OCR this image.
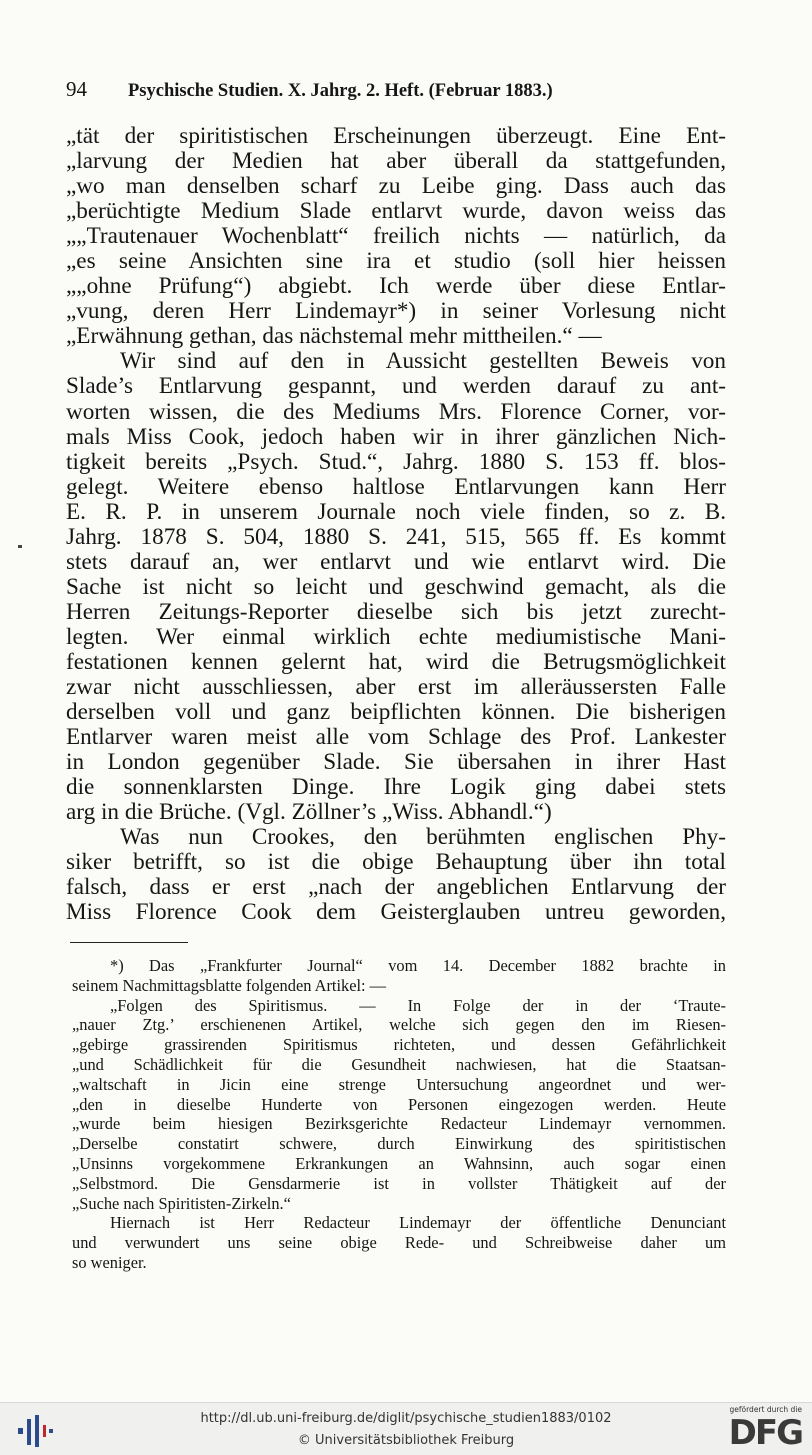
94 Psychische Studien. X. Jahrg. 2. Heft. (Februar 1883.)
„tät der spiritistischen Erscheinungen überzeugt. Eine Ent-
„larvung der Medien hat aber überall da stattgefunden,
„wo man denselben scharf zu Leibe ging. Dass auch das
„berüchtigte Medium Slade entlarvt wurde, davon weiss das
„„Trautenauer Wochenblatt“ freilich nichts — natürlich, da
„es seine Ansichten sine ira et studio (soll hier heissen
„„ohne Prüfung“) abgiebt. Ich werde über diese Entlar-
„vung, deren Herr Lindemayr*) in seiner Vorlesung nicht
„Erwähnung gethan, das nächstemal mehr mittheilen.“ —
Wir sind auf den in Aussicht gestellten Beweis von
Slade’s Entlarvung gespannt, und werden darauf zu ant-
worten wissen, die des Mediums Mrs. Florence Corner, vor-
mals Miss Cook, jedoch haben wir in ihrer gänzlichen Nich-
tigkeit bereits „Psych. Stud.“, Jahrg. 1880 S. 153 ff. blos-
gelegt. Weitere ebenso haltlose Entlarvungen kann Herr
E. R. P. in unserem Journale noch viele finden, so z. B.
Jahrg. 1878 S. 504, 1880 S. 241, 515, 565 ff. Es kommt
stets darauf an, wer entlarvt und wie entlarvt wird. Die
Sache ist nicht so leicht und geschwind gemacht, als die
Herren Zeitungs-Reporter dieselbe sich bis jetzt zurecht-
legten. Wer einmal wirklich echte mediumistische Mani-
festationen kennen gelernt hat, wird die Betrugsmöglichkeit
zwar nicht ausschliessen, aber erst im alleräussersten Falle
derselben voll und ganz beipflichten können. Die bisherigen
Entlarver waren meist alle vom Schlage des Prof. Lankester
in London gegenüber Slade. Sie übersahen in ihrer Hast
die sonnenklarsten Dinge. Ihre Logik ging dabei stets
arg in die Brüche. (Vgl. Zöllner’s „Wiss. Abhandl.“)
Was nun Crookes, den berühmten englischen Phy-
siker betrifft, so ist die obige Behauptung über ihn total
falsch, dass er erst „nach der angeblichen Entlarvung der
Miss Florence Cook dem Geisterglauben untreu geworden,
*) Das „Frankfurter Journal“ vom 14. December 1882 brachte in
seinem Nachmittagsblatte folgenden Artikel: —
„Folgen des Spiritismus. — In Folge der in der ‘Traute-
„nauer Ztg.’ erschienenen Artikel, welche sich gegen den im Riesen-
„gebirge grassirenden Spiritismus richteten, und dessen Gefährlichkeit
„und Schädlichkeit für die Gesundheit nachwiesen, hat die Staatsan-
„waltschaft in Jicin eine strenge Untersuchung angeordnet und wer-
„den in dieselbe Hunderte von Personen eingezogen werden. Heute
„wurde beim hiesigen Bezirksgerichte Redacteur Lindemayr vernommen.
„Derselbe constatirt schwere, durch Einwirkung des spiritistischen
„Unsinns vorgekommene Erkrankungen an Wahnsinn, auch sogar einen
„Selbstmord. Die Gensdarmerie ist in vollster Thätigkeit auf der
„Suche nach Spiritisten-Zirkeln.“
Hiernach ist Herr Redacteur Lindemayr der öffentliche Denunciant
und verwundert uns seine obige Rede- und Schreibweise daher um
so weniger.
http://dl.ub.uni-freiburg.de/diglit/psychische_studien1883/0102
© Universitätsbibliothek Freiburg
gefördert durch die
DFG
